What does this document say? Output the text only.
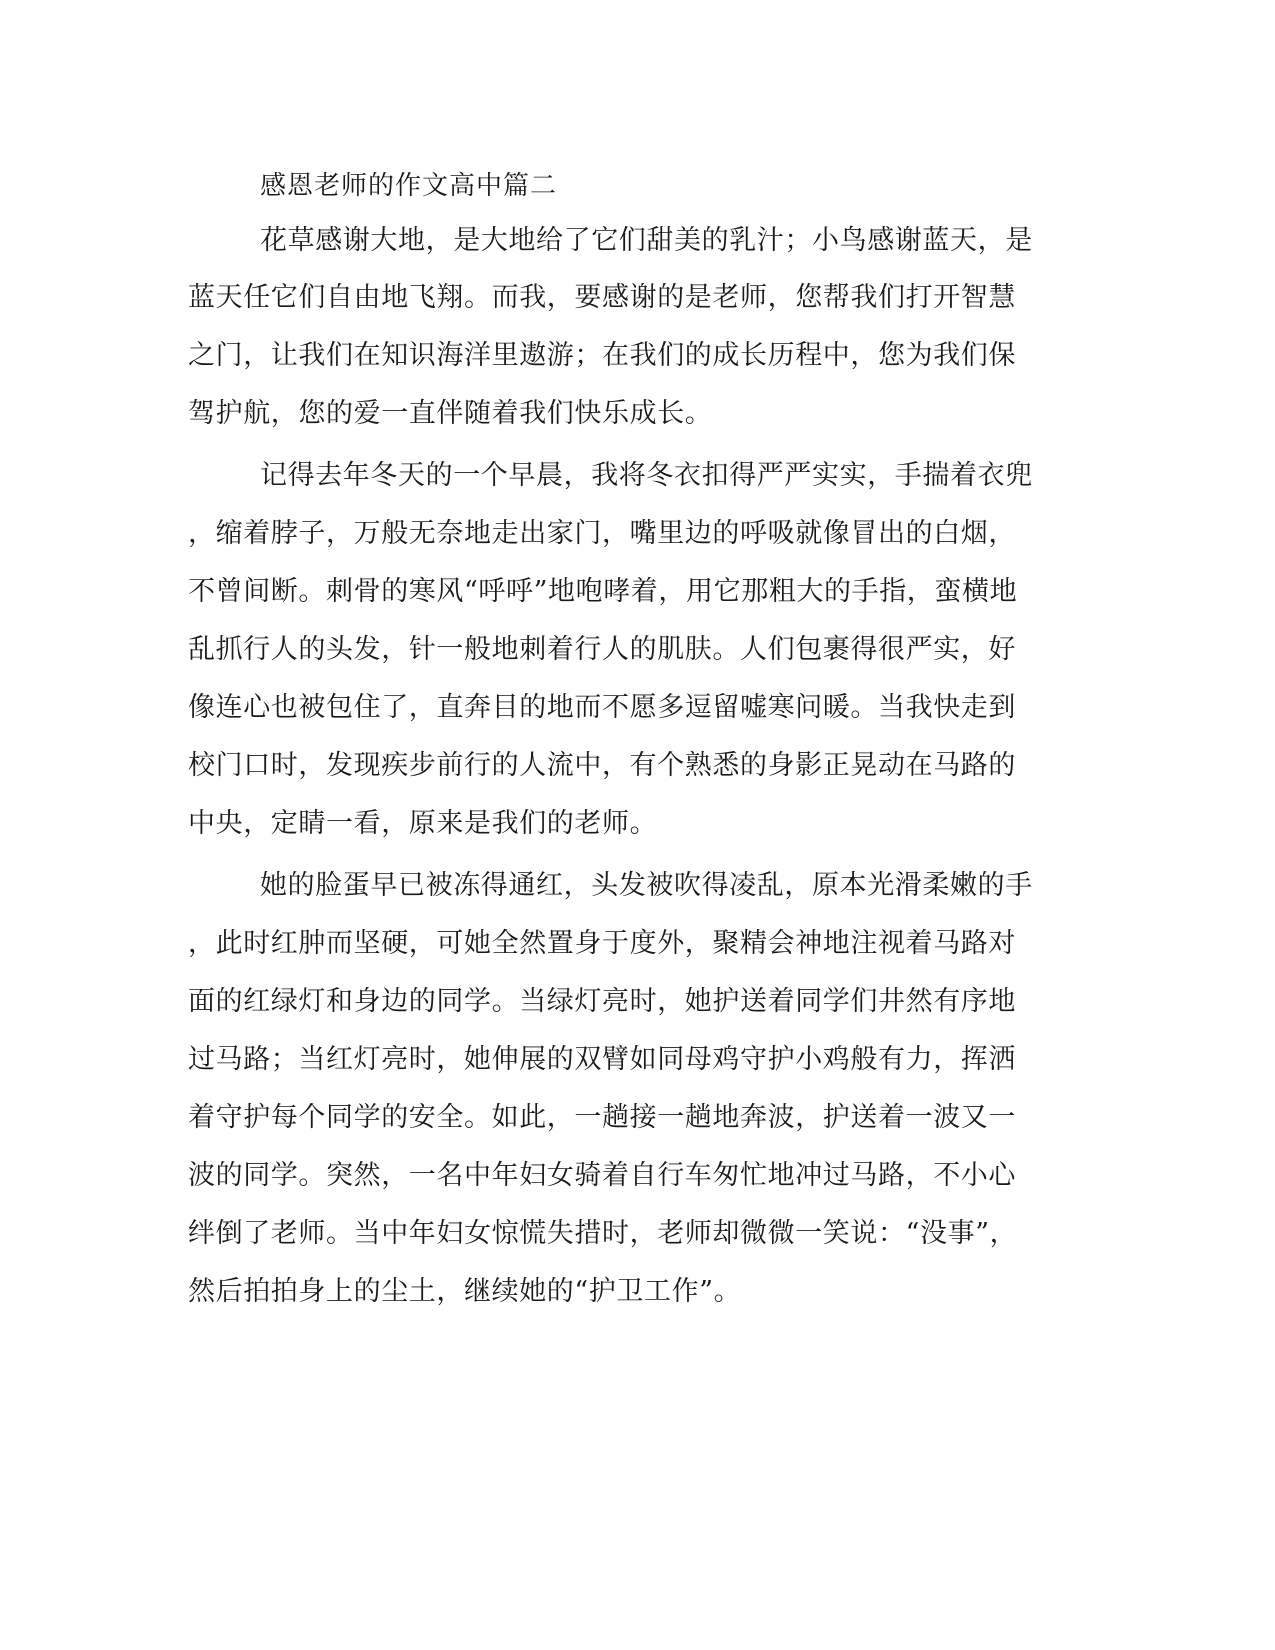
感恩老师的作文高中篇二
花草感谢大地，是大地给了它们甜美的乳汁；小鸟感谢蓝天，是
蓝天任它们自由地飞翔。而我，要感谢的是老师，您帮我们打开智慧
之门，让我们在知识海洋里遨游；在我们的成长历程中，您为我们保
驾护航，您的爱一直伴随着我们快乐成长。
记得去年冬天的一个早晨，我将冬衣扣得严严实实，手揣着衣兜
，缩着脖子，万般无奈地走出家门，嘴里边的呼吸就像冒出的白烟，
不曾间断。刺骨的寒风“呼呼”地咆哮着，用它那粗大的手指，蛮横地
乱抓行人的头发，针一般地刺着行人的肌肤。人们包裹得很严实，好
像连心也被包住了，直奔目的地而不愿多逗留嘘寒问暖。当我快走到
校门口时，发现疾步前行的人流中，有个熟悉的身影正晃动在马路的
中央，定睛一看，原来是我们的老师。
她的脸蛋早已被冻得通红，头发被吹得凌乱，原本光滑柔嫩的手
，此时红肿而坚硬，可她全然置身于度外，聚精会神地注视着马路对
面的红绿灯和身边的同学。当绿灯亮时，她护送着同学们井然有序地
过马路；当红灯亮时，她伸展的双臂如同母鸡守护小鸡般有力，挥洒
着守护每个同学的安全。如此，一趟接一趟地奔波，护送着一波又一
波的同学。突然，一名中年妇女骑着自行车匆忙地冲过马路，不小心
绊倒了老师。当中年妇女惊慌失措时，老师却微微一笑说：“没事”，
然后拍拍身上的尘土，继续她的“护卫工作”。
